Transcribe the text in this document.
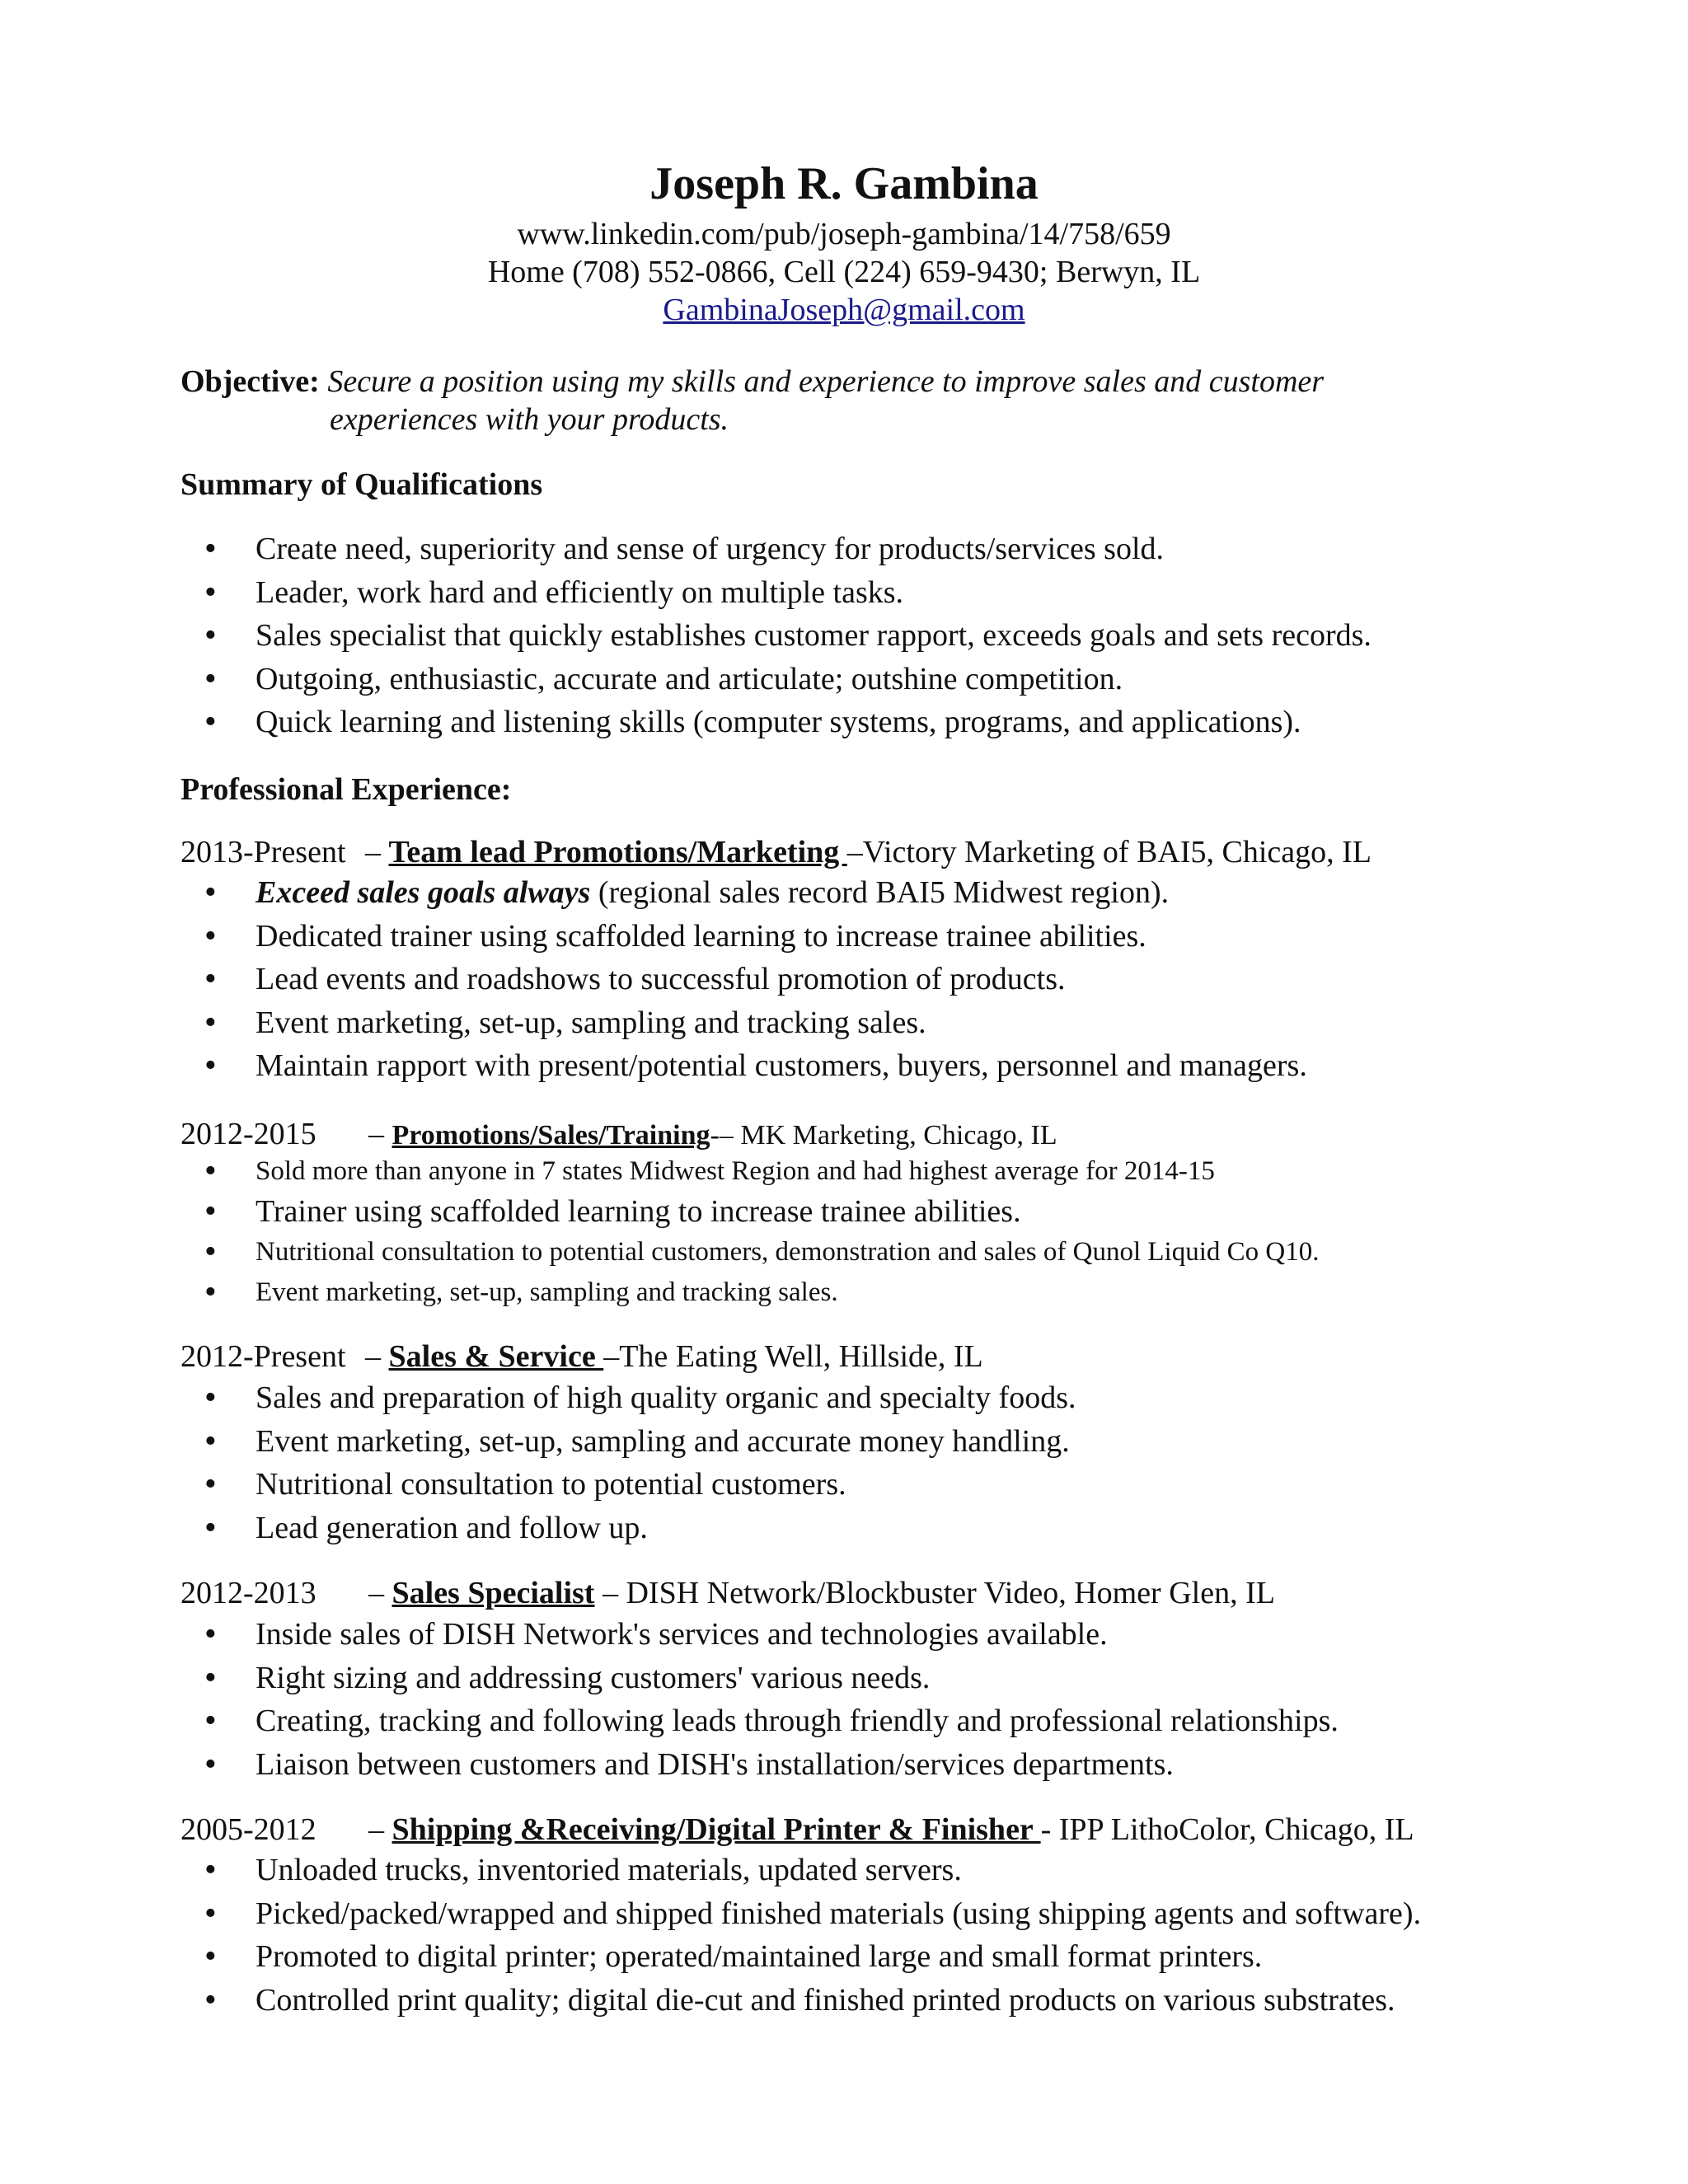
Joseph R. Gambina
www.linkedin.com/pub/joseph-gambina/14/758/659
Home (708) 552-0866, Cell (224) 659-9430; Berwyn, IL
GambinaJoseph@gmail.com
Objective: Secure a position using my skills and experience to improve sales and customer
experiences with your products.
Summary of Qualifications
• Create need, superiority and sense of urgency for products/services sold.
• Leader, work hard and efficiently on multiple tasks.
• Sales specialist that quickly establishes customer rapport, exceeds goals and sets records.
• Outgoing, enthusiastic, accurate and articulate; outshine competition.
• Quick learning and listening skills (computer systems, programs, and applications).
Professional Experience:
2013-Present – Team lead Promotions/Marketing –Victory Marketing of BAI5, Chicago, IL
• Exceed sales goals always (regional sales record BAI5 Midwest region).
• Dedicated trainer using scaffolded learning to increase trainee abilities.
• Lead events and roadshows to successful promotion of products.
• Event marketing, set-up, sampling and tracking sales.
• Maintain rapport with present/potential customers, buyers, personnel and managers.
2012-2015 – Promotions/Sales/Training-– MK Marketing, Chicago, IL
• Sold more than anyone in 7 states Midwest Region and had highest average for 2014-15
• Trainer using scaffolded learning to increase trainee abilities.
• Nutritional consultation to potential customers, demonstration and sales of Qunol Liquid Co Q10.
• Event marketing, set-up, sampling and tracking sales.
2012-Present – Sales & Service –The Eating Well, Hillside, IL
• Sales and preparation of high quality organic and specialty foods.
• Event marketing, set-up, sampling and accurate money handling.
• Nutritional consultation to potential customers.
• Lead generation and follow up.
2012-2013 – Sales Specialist – DISH Network/Blockbuster Video, Homer Glen, IL
• Inside sales of DISH Network's services and technologies available.
• Right sizing and addressing customers' various needs.
• Creating, tracking and following leads through friendly and professional relationships.
• Liaison between customers and DISH's installation/services departments.
2005-2012 – Shipping &Receiving/Digital Printer & Finisher - IPP LithoColor, Chicago, IL
• Unloaded trucks, inventoried materials, updated servers.
• Picked/packed/wrapped and shipped finished materials (using shipping agents and software).
• Promoted to digital printer; operated/maintained large and small format printers.
• Controlled print quality; digital die-cut and finished printed products on various substrates.
